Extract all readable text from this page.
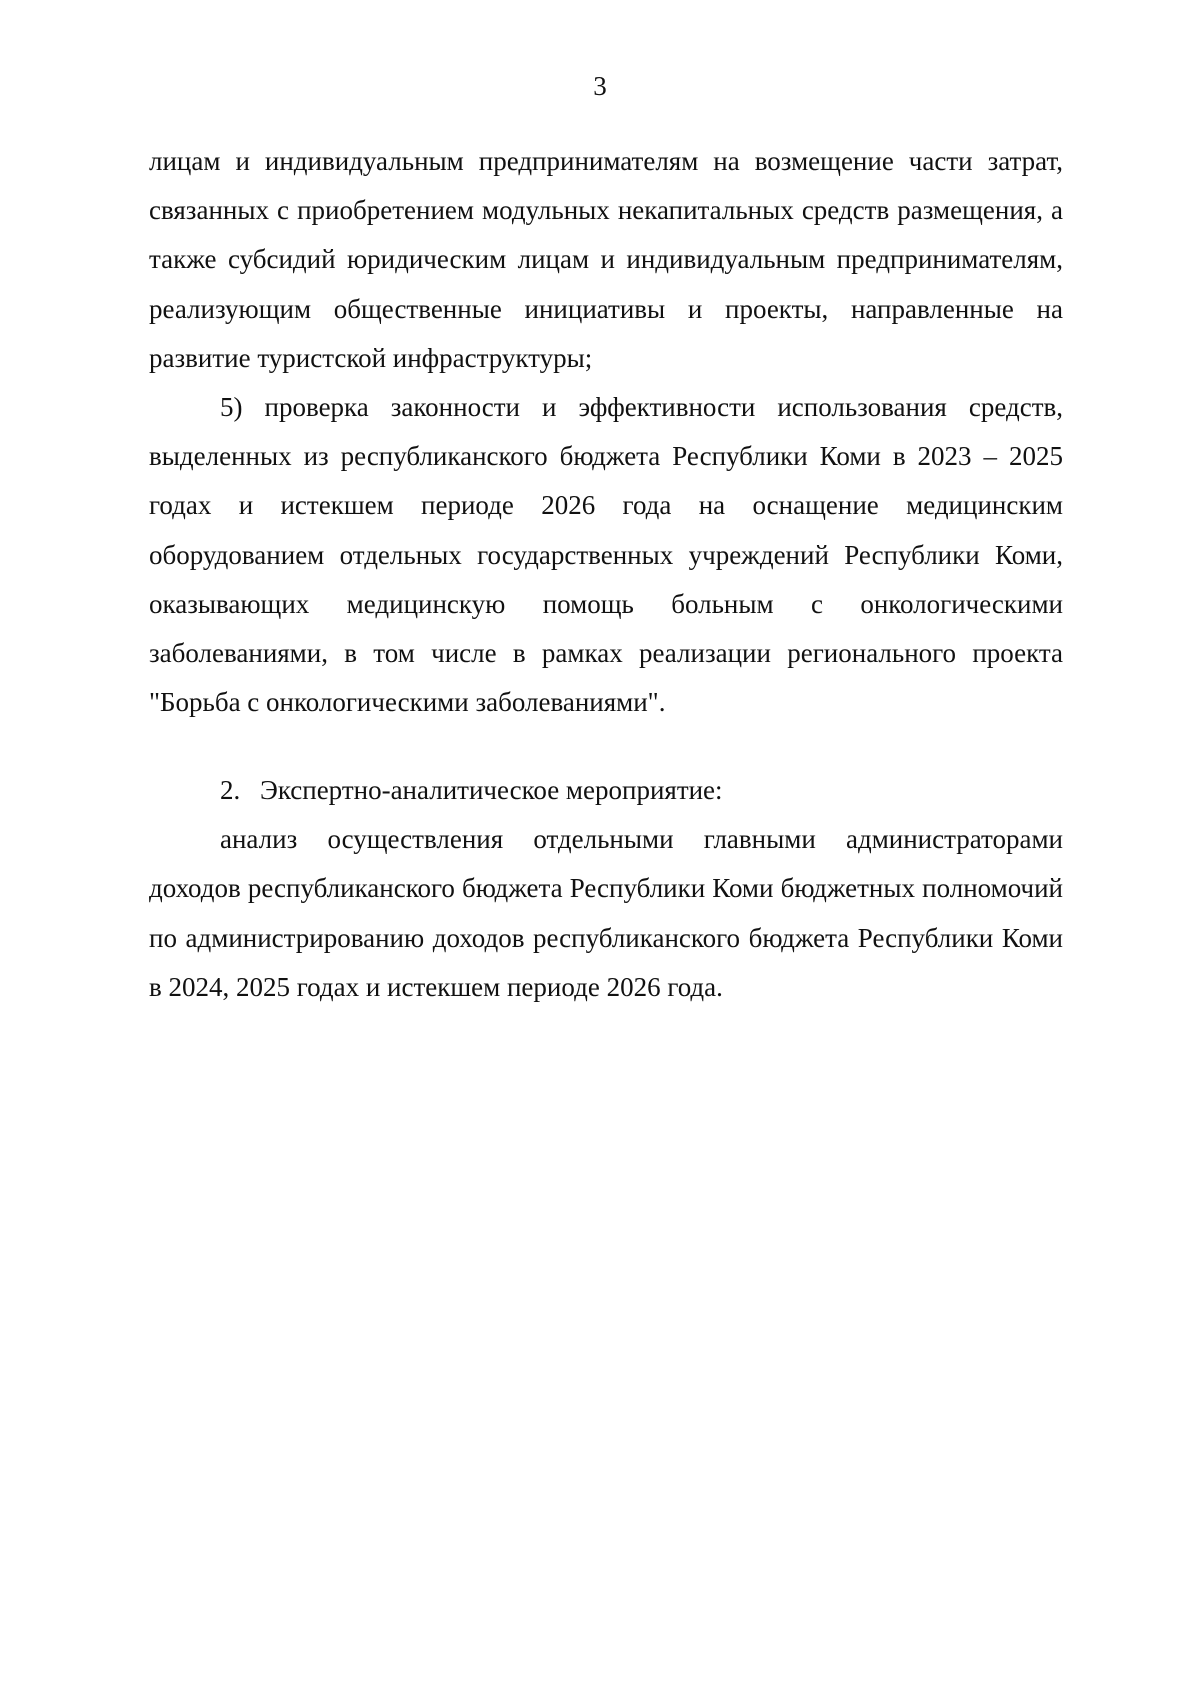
3

лицам и индивидуальным предпринимателям на возмещение части затрат, связанных с приобретением модульных некапитальных средств размещения, а также субсидий юридическим лицам и индивидуальным предпринимателям, реализующим общественные инициативы и проекты, направленные на развитие туристской инфраструктуры;

5) проверка законности и эффективности использования средств, выделенных из республиканского бюджета Республики Коми в 2023 – 2025 годах и истекшем периоде 2026 года на оснащение медицинским оборудованием отдельных государственных учреждений Республики Коми, оказывающих медицинскую помощь больным с онкологическими заболеваниями, в том числе в рамках реализации регионального проекта "Борьба с онкологическими заболеваниями".

2. Экспертно-аналитическое мероприятие:

анализ осуществления отдельными главными администраторами доходов республиканского бюджета Республики Коми бюджетных полномочий по администрированию доходов республиканского бюджета Республики Коми в 2024, 2025 годах и истекшем периоде 2026 года.
